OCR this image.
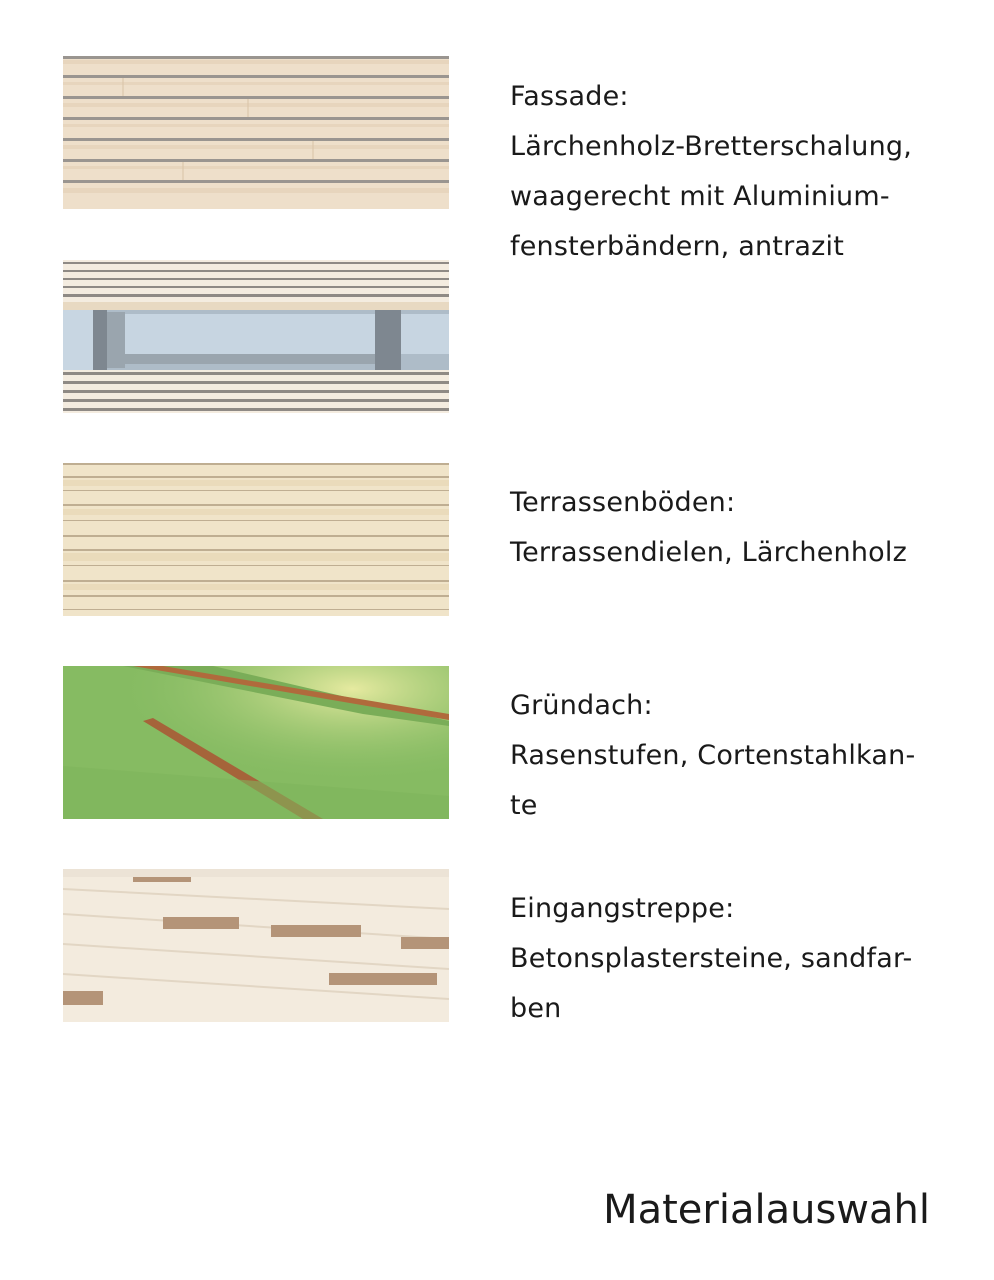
Fassade:
Lärchenholz-Bretterschalung,
waagerecht mit Aluminium-
fensterbändern, antrazit
Terrassenböden:
Terrassendielen, Lärchenholz
Gründach:
Rasenstufen, Cortenstahlkan-
te
Eingangstreppe:
Betonsplastersteine, sandfar-
ben
Materialauswahl
